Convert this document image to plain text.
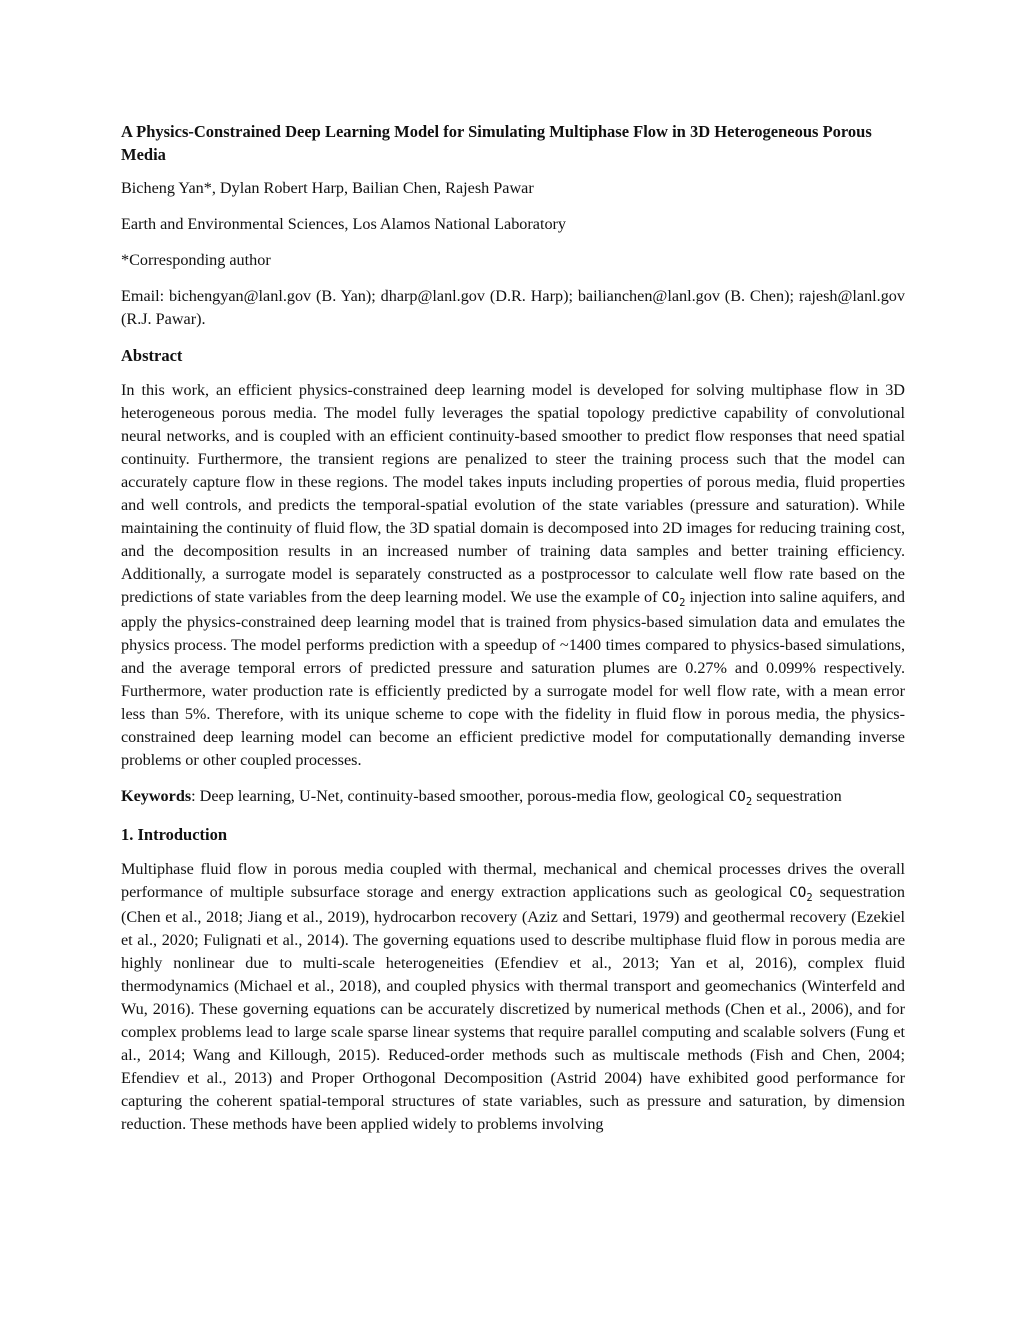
A Physics-Constrained Deep Learning Model for Simulating Multiphase Flow in 3D Heterogeneous Porous Media

Bicheng Yan*, Dylan Robert Harp, Bailian Chen, Rajesh Pawar

Earth and Environmental Sciences, Los Alamos National Laboratory

*Corresponding author

Email: bichengyan@lanl.gov (B. Yan); dharp@lanl.gov (D.R. Harp); bailianchen@lanl.gov (B. Chen); rajesh@lanl.gov (R.J. Pawar).

Abstract

In this work, an efficient physics-constrained deep learning model is developed for solving multiphase flow in 3D heterogeneous porous media. The model fully leverages the spatial topology predictive capability of convolutional neural networks, and is coupled with an efficient continuity-based smoother to predict flow responses that need spatial continuity. Furthermore, the transient regions are penalized to steer the training process such that the model can accurately capture flow in these regions. The model takes inputs including properties of porous media, fluid properties and well controls, and predicts the temporal-spatial evolution of the state variables (pressure and saturation). While maintaining the continuity of fluid flow, the 3D spatial domain is decomposed into 2D images for reducing training cost, and the decomposition results in an increased number of training data samples and better training efficiency. Additionally, a surrogate model is separately constructed as a postprocessor to calculate well flow rate based on the predictions of state variables from the deep learning model. We use the example of $CO_2$ injection into saline aquifers, and apply the physics-constrained deep learning model that is trained from physics-based simulation data and emulates the physics process. The model performs prediction with a speedup of ~1400 times compared to physics-based simulations, and the average temporal errors of predicted pressure and saturation plumes are 0.27% and 0.099% respectively. Furthermore, water production rate is efficiently predicted by a surrogate model for well flow rate, with a mean error less than 5%. Therefore, with its unique scheme to cope with the fidelity in fluid flow in porous media, the physics-constrained deep learning model can become an efficient predictive model for computationally demanding inverse problems or other coupled processes.

Keywords: Deep learning, U-Net, continuity-based smoother, porous-media flow, geological $CO_2$ sequestration

1. Introduction

Multiphase fluid flow in porous media coupled with thermal, mechanical and chemical processes drives the overall performance of multiple subsurface storage and energy extraction applications such as geological $CO_2$ sequestration (Chen et al., 2018; Jiang et al., 2019), hydrocarbon recovery (Aziz and Settari, 1979) and geothermal recovery (Ezekiel et al., 2020; Fulignati et al., 2014). The governing equations used to describe multiphase fluid flow in porous media are highly nonlinear due to multi-scale heterogeneities (Efendiev et al., 2013; Yan et al, 2016), complex fluid thermodynamics (Michael et al., 2018), and coupled physics with thermal transport and geomechanics (Winterfeld and Wu, 2016). These governing equations can be accurately discretized by numerical methods (Chen et al., 2006), and for complex problems lead to large scale sparse linear systems that require parallel computing and scalable solvers (Fung et al., 2014; Wang and Killough, 2015). Reduced-order methods such as multiscale methods (Fish and Chen, 2004; Efendiev et al., 2013) and Proper Orthogonal Decomposition (Astrid 2004) have exhibited good performance for capturing the coherent spatial-temporal structures of state variables, such as pressure and saturation, by dimension reduction. These methods have been applied widely to problems involving
